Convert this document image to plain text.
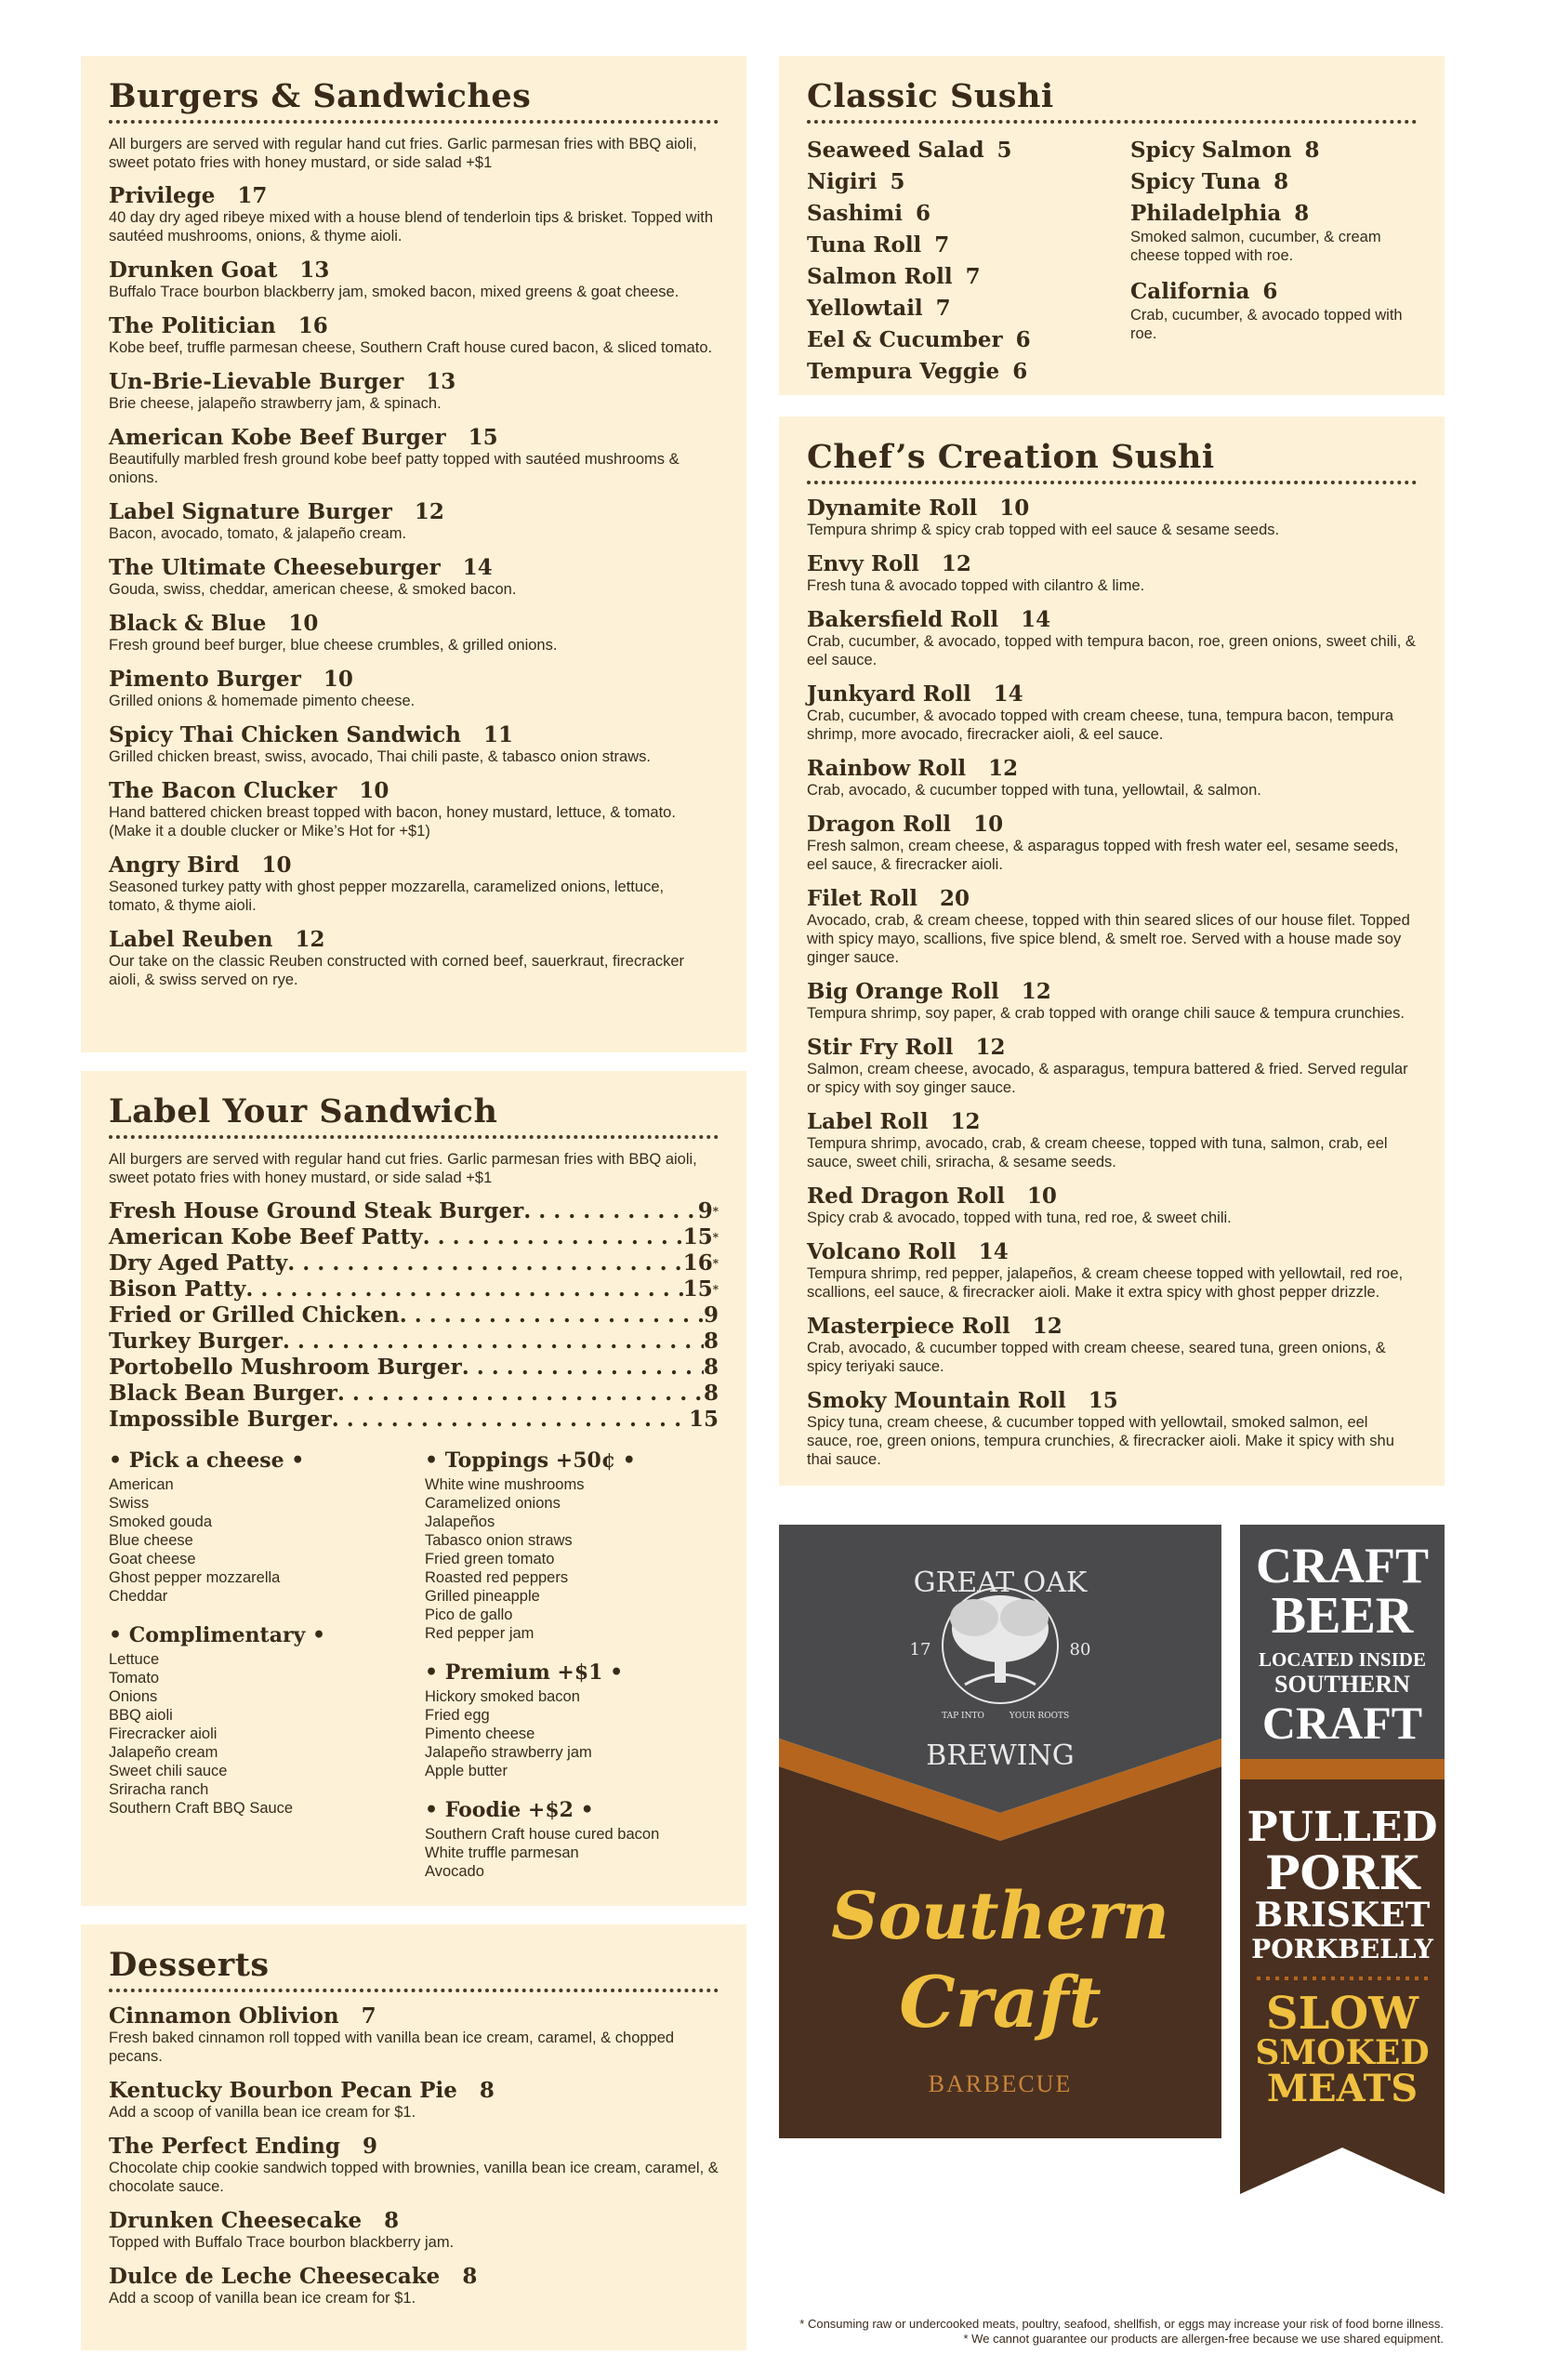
Burgers & Sandwiches
All burgers are served with regular hand cut fries. Garlic parmesan fries with BBQ aioli, sweet potato fries with honey mustard, or side salad +$1
Privilege 17
40 day dry aged ribeye mixed with a house blend of tenderloin tips & brisket. Topped with sautéed mushrooms, onions, & thyme aioli.
Drunken Goat 13
Buffalo Trace bourbon blackberry jam, smoked bacon, mixed greens & goat cheese.
The Politician 16
Kobe beef, truffle parmesan cheese, Southern Craft house cured bacon, & sliced tomato.
Un-Brie-Lievable Burger 13
Brie cheese, jalapeño strawberry jam, & spinach.
American Kobe Beef Burger 15
Beautifully marbled fresh ground kobe beef patty topped with sautéed mushrooms & onions.
Label Signature Burger 12
Bacon, avocado, tomato, & jalapeño cream.
The Ultimate Cheeseburger 14
Gouda, swiss, cheddar, american cheese, & smoked bacon.
Black & Blue 10
Fresh ground beef burger, blue cheese crumbles, & grilled onions.
Pimento Burger 10
Grilled onions & homemade pimento cheese.
Spicy Thai Chicken Sandwich 11
Grilled chicken breast, swiss, avocado, Thai chili paste, & tabasco onion straws.
The Bacon Clucker 10
Hand battered chicken breast topped with bacon, honey mustard, lettuce, & tomato. (Make it a double clucker or Mike’s Hot for +$1)
Angry Bird 10
Seasoned turkey patty with ghost pepper mozzarella, caramelized onions, lettuce, tomato, & thyme aioli.
Label Reuben 12
Our take on the classic Reuben constructed with corned beef, sauerkraut, firecracker aioli, & swiss served on rye.
Label Your Sandwich
All burgers are served with regular hand cut fries. Garlic parmesan fries with BBQ aioli, sweet potato fries with honey mustard, or side salad +$1
Fresh House Ground Steak Burger . . .	9*
American Kobe Beef Patty . . .	15*
Dry Aged Patty . . .	16*
Bison Patty . . .	15*
Fried or Grilled Chicken . . .	9
Turkey Burger . . .	8
Portobello Mushroom Burger . . .	8
Black Bean Burger . . .	8
Impossible Burger . . .	15
• Pick a cheese •
American
Swiss
Smoked gouda
Blue cheese
Goat cheese
Ghost pepper mozzarella
Cheddar
• Complimentary •
Lettuce
Tomato
Onions
BBQ aioli
Firecracker aioli
Jalapeño cream
Sweet chili sauce
Sriracha ranch
Southern Craft BBQ Sauce
• Toppings +50¢ •
White wine mushrooms
Caramelized onions
Jalapeños
Tabasco onion straws
Fried green tomato
Roasted red peppers
Grilled pineapple
Pico de gallo
Red pepper jam
• Premium +$1 •
Hickory smoked bacon
Fried egg
Pimento cheese
Jalapeño strawberry jam
Apple butter
• Foodie +$2 •
Southern Craft house cured bacon
White truffle parmesan
Avocado
Desserts
Cinnamon Oblivion 7
Fresh baked cinnamon roll topped with vanilla bean ice cream, caramel, & chopped pecans.
Kentucky Bourbon Pecan Pie 8
Add a scoop of vanilla bean ice cream for $1.
The Perfect Ending 9
Chocolate chip cookie sandwich topped with brownies, vanilla bean ice cream, caramel, & chocolate sauce.
Drunken Cheesecake 8
Topped with Buffalo Trace bourbon blackberry jam.
Dulce de Leche Cheesecake 8
Add a scoop of vanilla bean ice cream for $1.
Classic Sushi
Seaweed Salad 5
Nigiri 5
Sashimi 6
Tuna Roll 7
Salmon Roll 7
Yellowtail 7
Eel & Cucumber 6
Tempura Veggie 6
Spicy Salmon 8
Spicy Tuna 8
Philadelphia 8
Smoked salmon, cucumber, & cream cheese topped with roe.
California 6
Crab, cucumber, & avocado topped with roe.
Chef’s Creation Sushi
Dynamite Roll 10
Tempura shrimp & spicy crab topped with eel sauce & sesame seeds.
Envy Roll 12
Fresh tuna & avocado topped with cilantro & lime.
Bakersfield Roll 14
Crab, cucumber, & avocado, topped with tempura bacon, roe, green onions, sweet chili, & eel sauce.
Junkyard Roll 14
Crab, cucumber, & avocado topped with cream cheese, tuna, tempura bacon, tempura shrimp, more avocado, firecracker aioli, & eel sauce.
Rainbow Roll 12
Crab, avocado, & cucumber topped with tuna, yellowtail, & salmon.
Dragon Roll 10
Fresh salmon, cream cheese, & asparagus topped with fresh water eel, sesame seeds, eel sauce, & firecracker aioli.
Filet Roll 20
Avocado, crab, & cream cheese, topped with thin seared slices of our house filet. Topped with spicy mayo, scallions, five spice blend, & smelt roe. Served with a house made soy ginger sauce.
Big Orange Roll 12
Tempura shrimp, soy paper, & crab topped with orange chili sauce & tempura crunchies.
Stir Fry Roll 12
Salmon, cream cheese, avocado, & asparagus, tempura battered & fried. Served regular or spicy with soy ginger sauce.
Label Roll 12
Tempura shrimp, avocado, crab, & cream cheese, topped with tuna, salmon, crab, eel sauce, sweet chili, sriracha, & sesame seeds.
Red Dragon Roll 10
Spicy crab & avocado, topped with tuna, red roe, & sweet chili.
Volcano Roll 14
Tempura shrimp, red pepper, jalapeños, & cream cheese topped with yellowtail, red roe, scallions, eel sauce, & firecracker aioli. Make it extra spicy with ghost pepper drizzle.
Masterpiece Roll 12
Crab, avocado, & cucumber topped with cream cheese, seared tuna, green onions, & spicy teriyaki sauce.
Smoky Mountain Roll 15
Spicy tuna, cream cheese, & cucumber topped with yellowtail, smoked salmon, eel sauce, roe, green onions, tempura crunchies, & firecracker aioli. Make it spicy with shu thai sauce.
GREAT OAK
17	80
TAP INTO	YOUR ROOTS
BREWING
Southern
Craft
BARBECUE
CRAFT
BEER
LOCATED INSIDE
SOUTHERN
CRAFT
PULLED
PORK
BRISKET
PORKBELLY
SLOW
SMOKED
MEATS
* Consuming raw or undercooked meats, poultry, seafood, shellfish, or eggs may increase your risk of food borne illness.
* We cannot guarantee our products are allergen-free because we use shared equipment.
